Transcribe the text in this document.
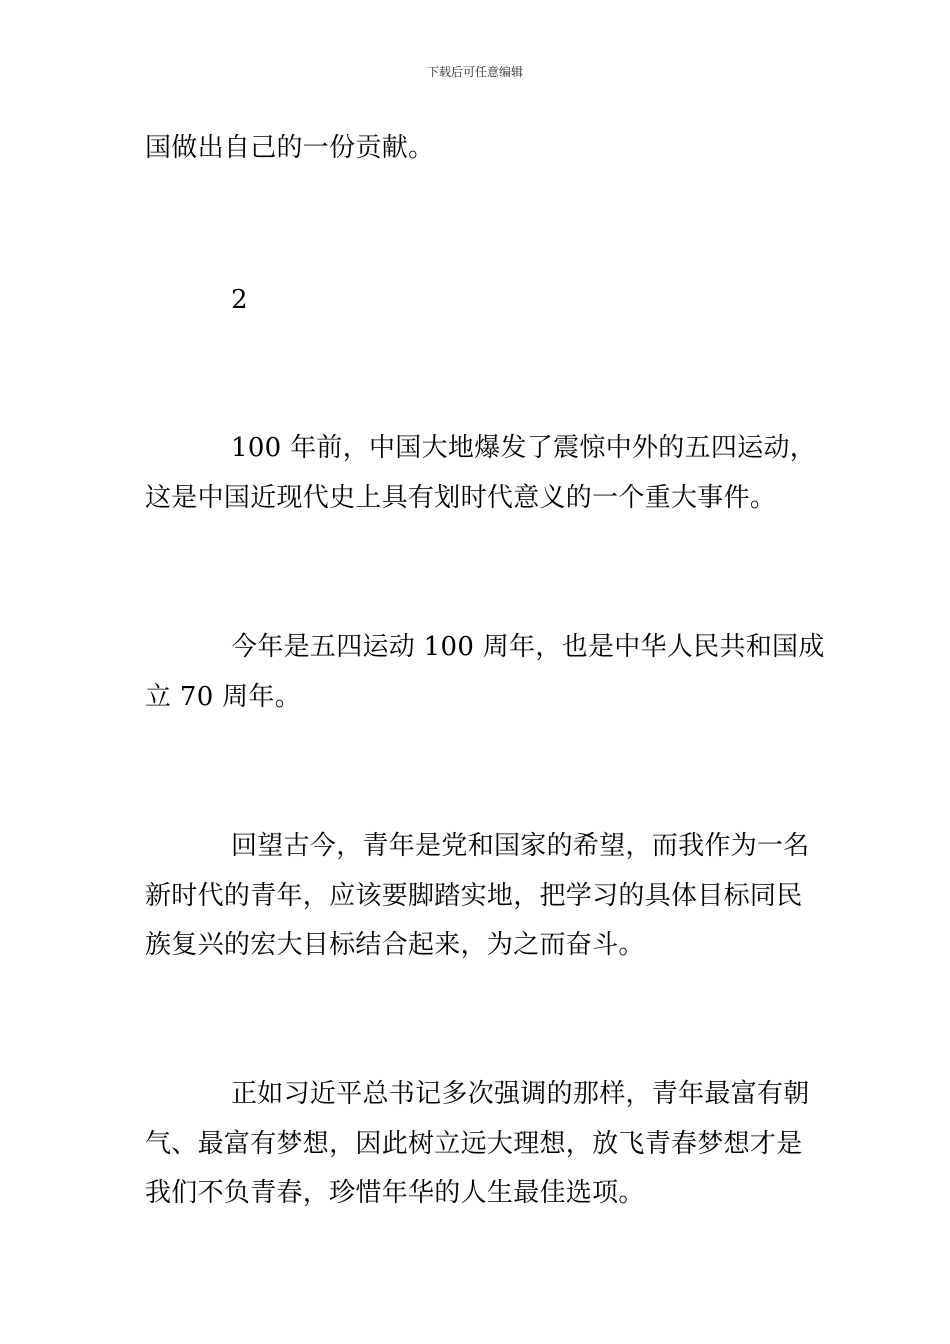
下载后可任意编辑
国做出自己的一份贡献。
2
100 年前，中国大地爆发了震惊中外的五四运动，
这是中国近现代史上具有划时代意义的一个重大事件。
今年是五四运动 100 周年，也是中华人民共和国成
立 70 周年。
回望古今，青年是党和国家的希望，而我作为一名
新时代的青年，应该要脚踏实地，把学习的具体目标同民
族复兴的宏大目标结合起来，为之而奋斗。
正如习近平总书记多次强调的那样，青年最富有朝
气、最富有梦想，因此树立远大理想，放飞青春梦想才是
我们不负青春，珍惜年华的人生最佳选项。
